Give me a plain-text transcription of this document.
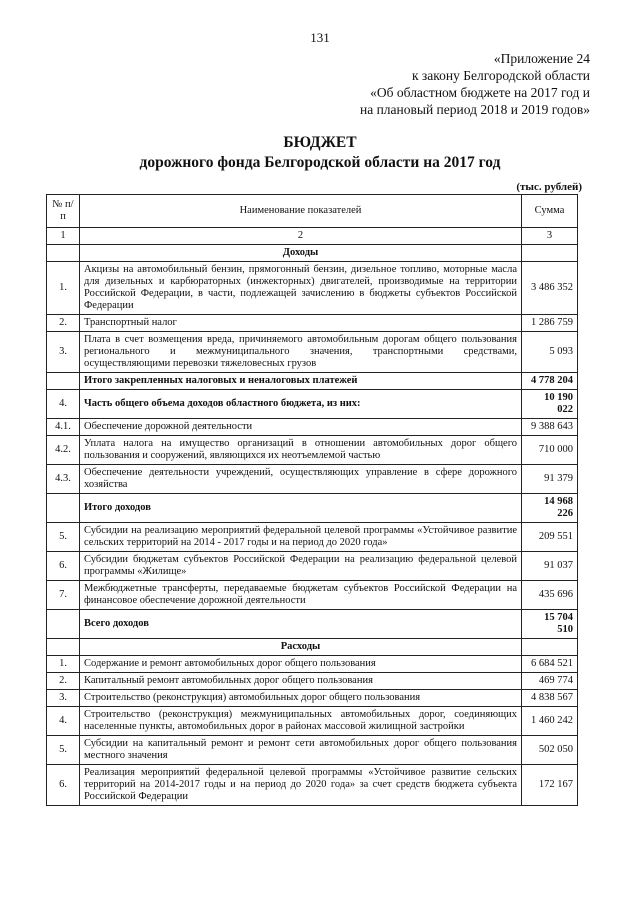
131
«Приложение 24
к закону Белгородской области
«Об областном бюджете на 2017 год и
на плановый период 2018 и 2019 годов»
БЮДЖЕТ
дорожного фонда Белгородской области на 2017 год
(тыс. рублей)
№ п/п	Наименование показателей	Сумма
1	2	3
	Доходы	
1.	Акцизы на автомобильный бензин, прямогонный бензин, дизельное топливо, моторные масла для дизельных и карбюраторных (инжекторных) двигателей, производимые на территории Российской Федерации, в части, подлежащей зачислению в бюджеты субъектов Российской Федерации	3 486 352
2.	Транспортный налог	1 286 759
3.	Плата в счет возмещения вреда, причиняемого автомобильным дорогам общего пользования регионального и межмуниципального значения, транспортными средствами, осуществляющими перевозки тяжеловесных грузов	5 093
	Итого закрепленных налоговых и неналоговых платежей	4 778 204
4.	Часть общего объема доходов областного бюджета, из них:	10 190 022
4.1.	Обеспечение дорожной деятельности	9 388 643
4.2.	Уплата налога на имущество организаций в отношении автомобильных дорог общего пользования и сооружений, являющихся их неотъемлемой частью	710 000
4.3.	Обеспечение деятельности учреждений, осуществляющих управление в сфере дорожного хозяйства	91 379
	Итого доходов	14 968 226
5.	Субсидии на реализацию мероприятий федеральной целевой программы «Устойчивое развитие сельских территорий на 2014 - 2017 годы и на период до 2020 года»	209 551
6.	Субсидии бюджетам субъектов Российской Федерации на реализацию федеральной целевой программы «Жилище»	91 037
7.	Межбюджетные трансферты, передаваемые бюджетам субъектов Российской Федерации на финансовое обеспечение дорожной деятельности	435 696
	Всего доходов	15 704 510
	Расходы	
1.	Содержание и ремонт автомобильных дорог общего пользования	6 684 521
2.	Капитальный ремонт автомобильных дорог общего пользования	469 774
3.	Строительство (реконструкция) автомобильных дорог общего пользования	4 838 567
4.	Строительство (реконструкция) межмуниципальных автомобильных дорог, соединяющих населенные пункты, автомобильных дорог в районах массовой жилищной застройки	1 460 242
5.	Субсидии на капитальный ремонт и ремонт сети автомобильных дорог общего пользования местного значения	502 050
6.	Реализация мероприятий федеральной целевой программы «Устойчивое развитие сельских территорий на 2014-2017 годы и на период до 2020 года» за счет средств бюджета субъекта Российской Федерации	172 167
